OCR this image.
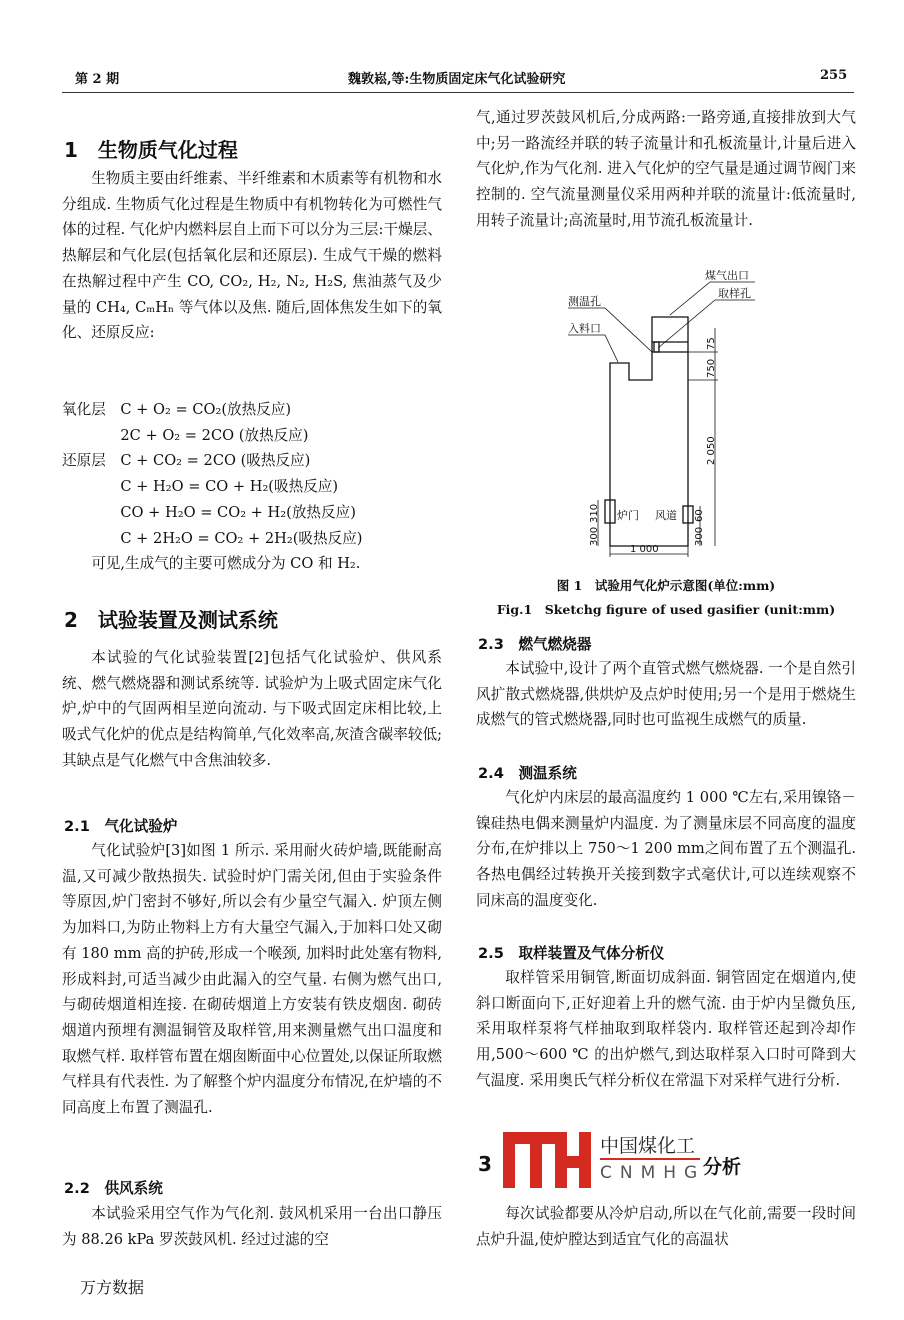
第 2 期	魏敦崧,等:生物质固定床气化试验研究	255
1　生物质气化过程
生物质主要由纤维素、半纤维素和木质素等有机物和水分组成. 生物质气化过程是生物质中有机物转化为可燃性气体的过程. 气化炉内燃料层自上而下可以分为三层:干燥层、热解层和气化层(包括氧化层和还原层). 生成气干燥的燃料在热解过程中产生 CO, CO₂, H₂, N₂, H₂S, 焦油蒸气及少量的 CH₄, CₘHₙ 等气体以及焦. 随后,固体焦发生如下的氧化、还原反应:
氧化层　C + O₂ = CO₂(放热反应)
　　　　2C + O₂ = 2CO (放热反应)
还原层　C + CO₂ = 2CO (吸热反应)
　　　　C + H₂O = CO + H₂(吸热反应)
　　　　CO + H₂O = CO₂ + H₂(放热反应)
　　　　C + 2H₂O = CO₂ + 2H₂(吸热反应)
可见,生成气的主要可燃成分为 CO 和 H₂.
2　试验装置及测试系统
本试验的气化试验装置[2]包括气化试验炉、供风系统、燃气燃烧器和测试系统等. 试验炉为上吸式固定床气化炉,炉中的气固两相呈逆向流动. 与下吸式固定床相比较,上吸式气化炉的优点是结构简单,气化效率高,灰渣含碳率较低;其缺点是气化燃气中含焦油较多.
2.1　气化试验炉
气化试验炉[3]如图 1 所示. 采用耐火砖炉墙,既能耐高温,又可减少散热损失. 试验时炉门需关闭,但由于实验条件等原因,炉门密封不够好,所以会有少量空气漏入. 炉顶左侧为加料口,为防止物料上方有大量空气漏入,于加料口处又砌有 180 mm 高的护砖,形成一个喉颈, 加料时此处塞有物料,形成料封,可适当减少由此漏入的空气量. 右侧为燃气出口,与砌砖烟道相连接. 在砌砖烟道上方安装有铁皮烟囱. 砌砖烟道内预埋有测温铜管及取样管,用来测量燃气出口温度和取燃气样. 取样管布置在烟囱断面中心位置处,以保证所取燃气样具有代表性. 为了解整个炉内温度分布情况,在炉墙的不同高度上布置了测温孔.
2.2　供风系统
本试验采用空气作为气化剂. 鼓风机采用一台出口静压为 88.26 kPa 罗茨鼓风机. 经过过滤的空
气,通过罗茨鼓风机后,分成两路:一路旁通,直接排放到大气中;另一路流经并联的转子流量计和孔板流量计,计量后进入气化炉,作为气化剂. 进入气化炉的空气量是通过调节阀门来控制的. 空气流量测量仪采用两种并联的流量计:低流量时,用转子流量计;高流量时,用节流孔板流量计.
煤气出口
取样孔
测温孔
入料口
炉门 风道
1 000
75
750
2 050
310
300
60
300
图 1　试验用气化炉示意图(单位:mm)
Fig.1　Sketchg figure of used gasifier (unit:mm)
2.3　燃气燃烧器
本试验中,设计了两个直管式燃气燃烧器. 一个是自然引风扩散式燃烧器,供烘炉及点炉时使用;另一个是用于燃烧生成燃气的管式燃烧器,同时也可监视生成燃气的质量.
2.4　测温系统
气化炉内床层的最高温度约 1 000 ℃左右,采用镍铬－镍硅热电偶来测量炉内温度. 为了测量床层不同高度的温度分布,在炉排以上 750～1 200 mm之间布置了五个测温孔. 各热电偶经过转换开关接到数字式毫伏计,可以连续观察不同床高的温度变化.
2.5　取样装置及气体分析仪
取样管采用铜管,断面切成斜面. 铜管固定在烟道内,使斜口断面向下,正好迎着上升的燃气流. 由于炉内呈微负压,采用取样泵将气样抽取到取样袋内. 取样管还起到冷却作用,500～600 ℃ 的出炉燃气,到达取样泵入口时可降到大气温度. 采用奥氏气样分析仪在常温下对采样气进行分析.
3
中国煤化工
CNMHG
分析
每次试验都要从冷炉启动,所以在气化前,需要一段时间点炉升温,使炉膛达到适宜气化的高温状
万方数据
